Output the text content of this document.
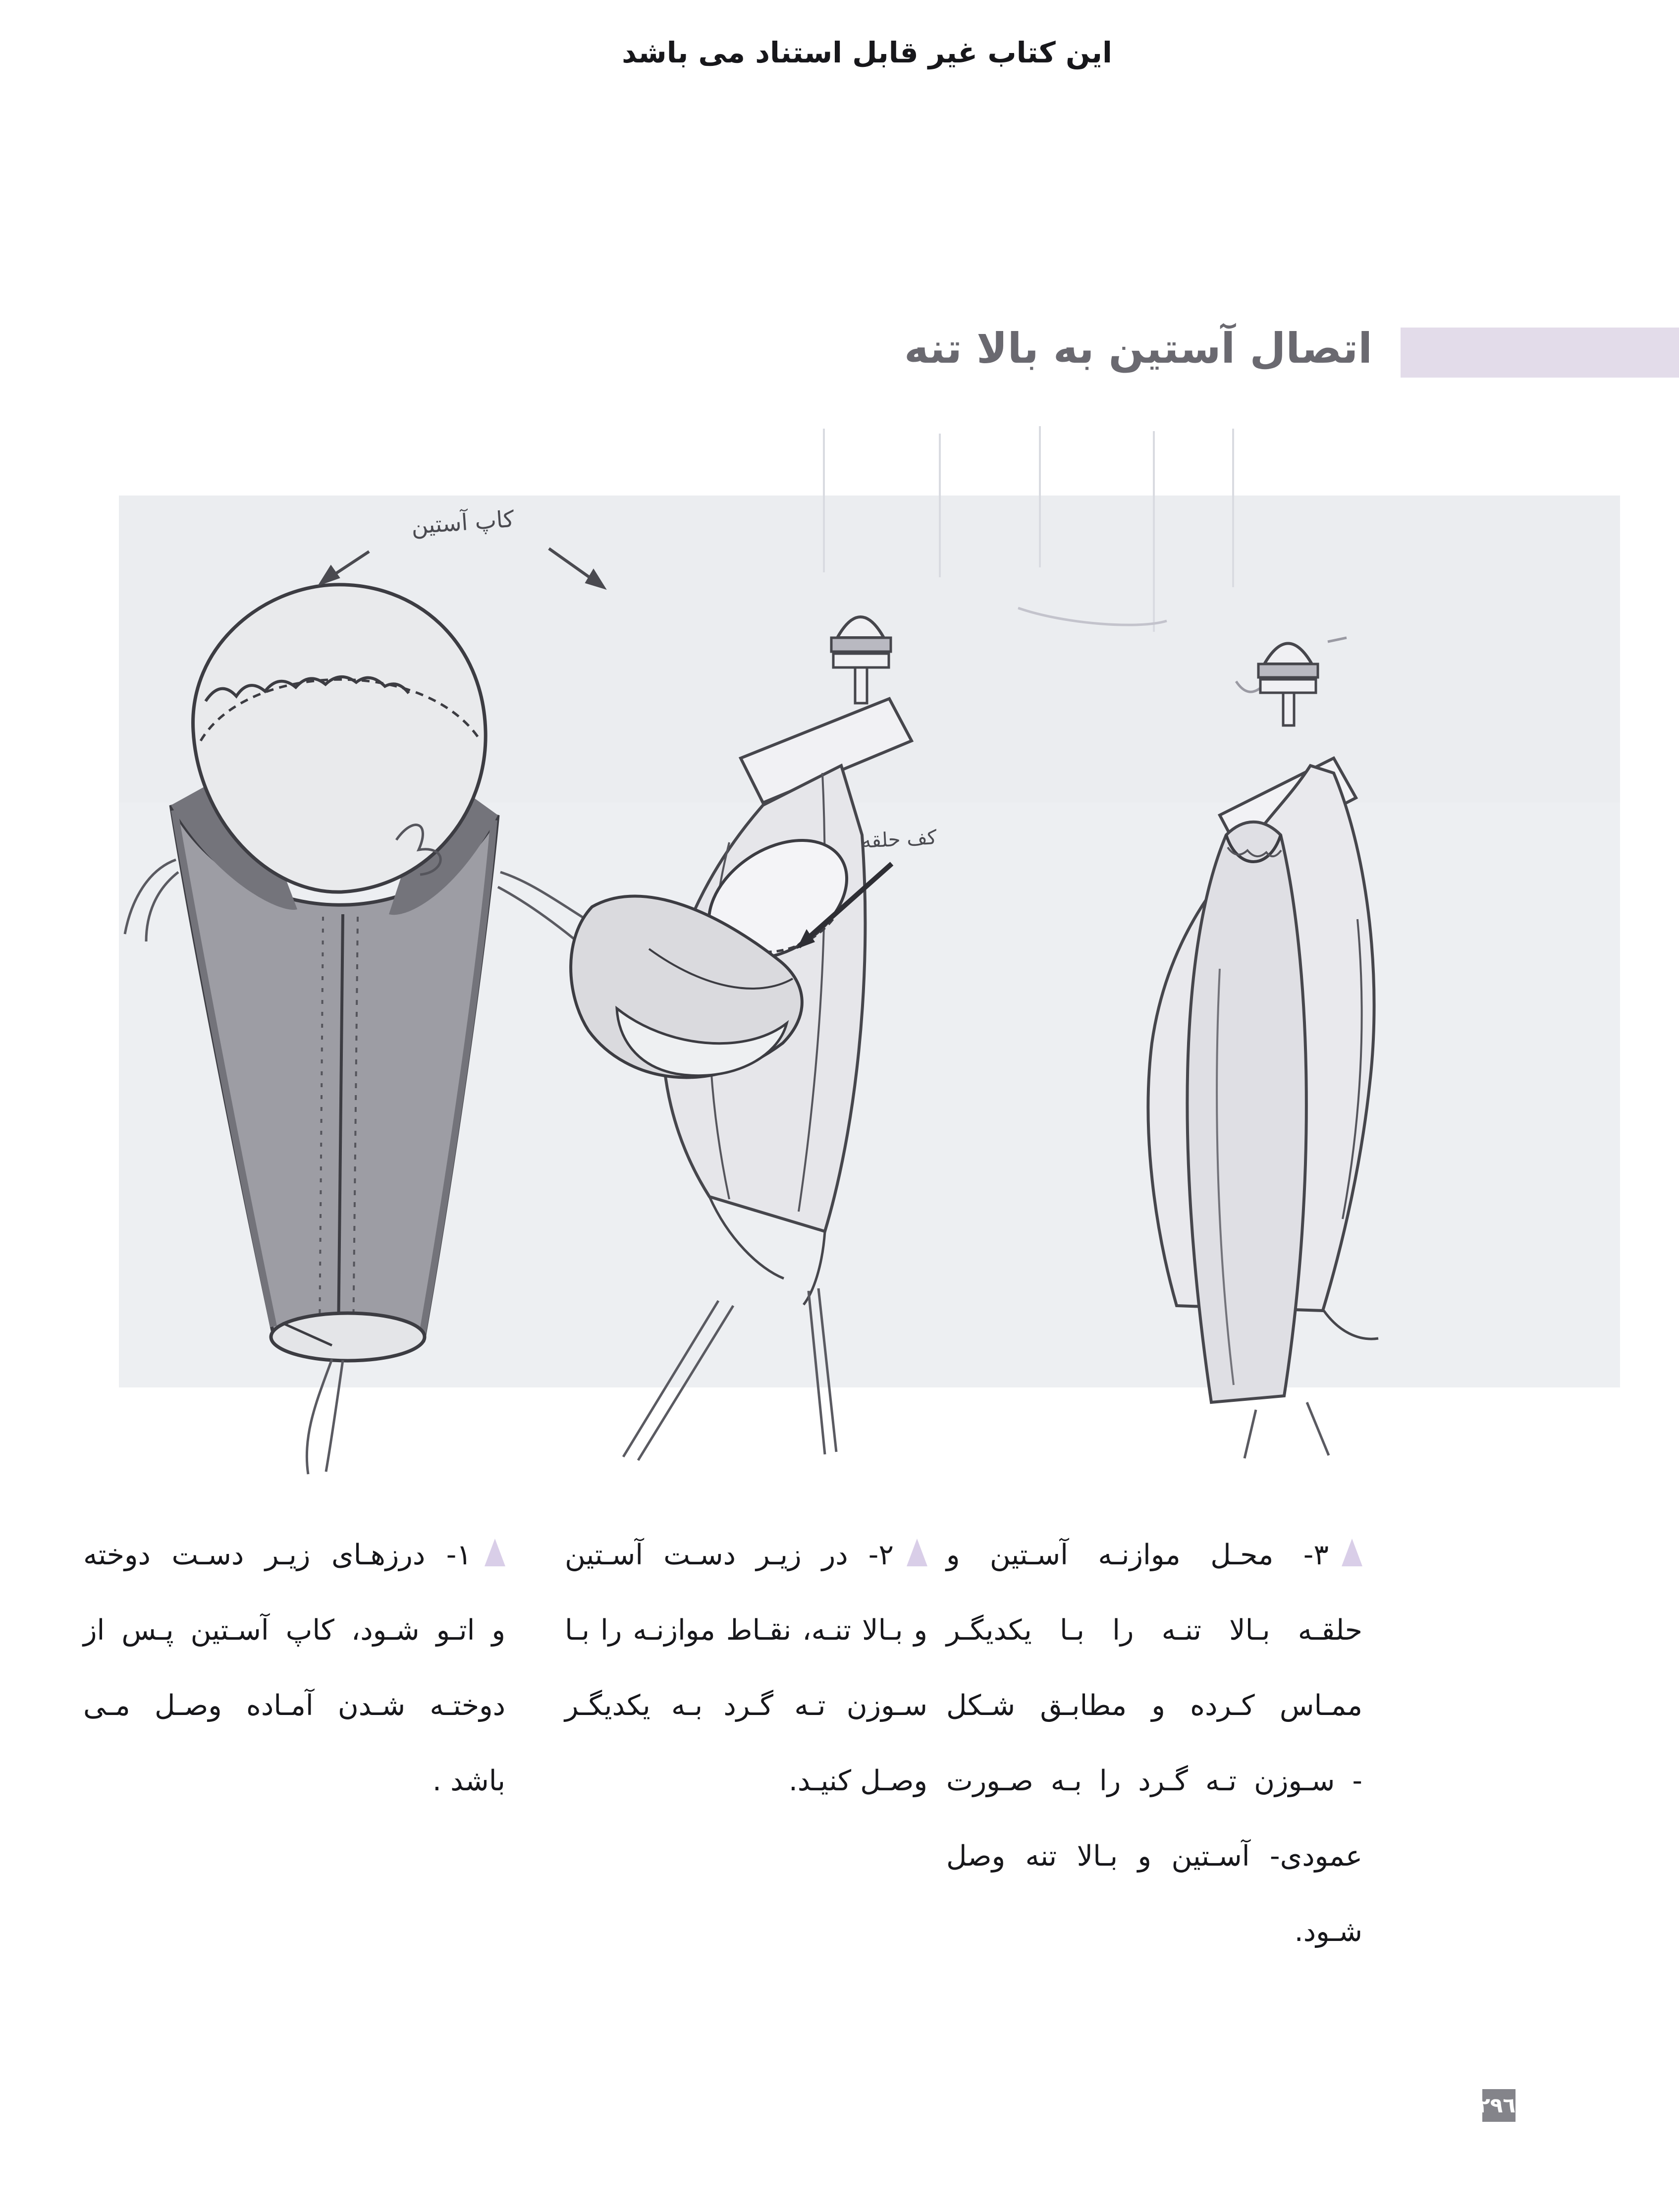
این کتاب غیر قابل استناد می باشد
اتصال آستین به بالا تنه
کاپ آستین
کف حلقه
۳- محـل موازنـه آسـتین و
حلقـه بـالا تنـه را بـا یکدیگـر
ممـاس کـرده و مطابـق شـکل
- سـوزن تـه گـرد را بـه صـورت
عمودی- آسـتین و بـالا تنه وصل
شـود.
۲- در زیـر دسـت آسـتین
و بـالا تنـه، نقـاط موازنـه را بـا
سـوزن تـه گـرد بـه یکدیگـر
وصـل کنیـد.
۱- درزهـای زیـر دسـت دوخته
و اتـو شـود، کاپ آسـتین پـس از
دوختـه شـدن آمـاده وصـل مـی
باشد .
۲۹٦
